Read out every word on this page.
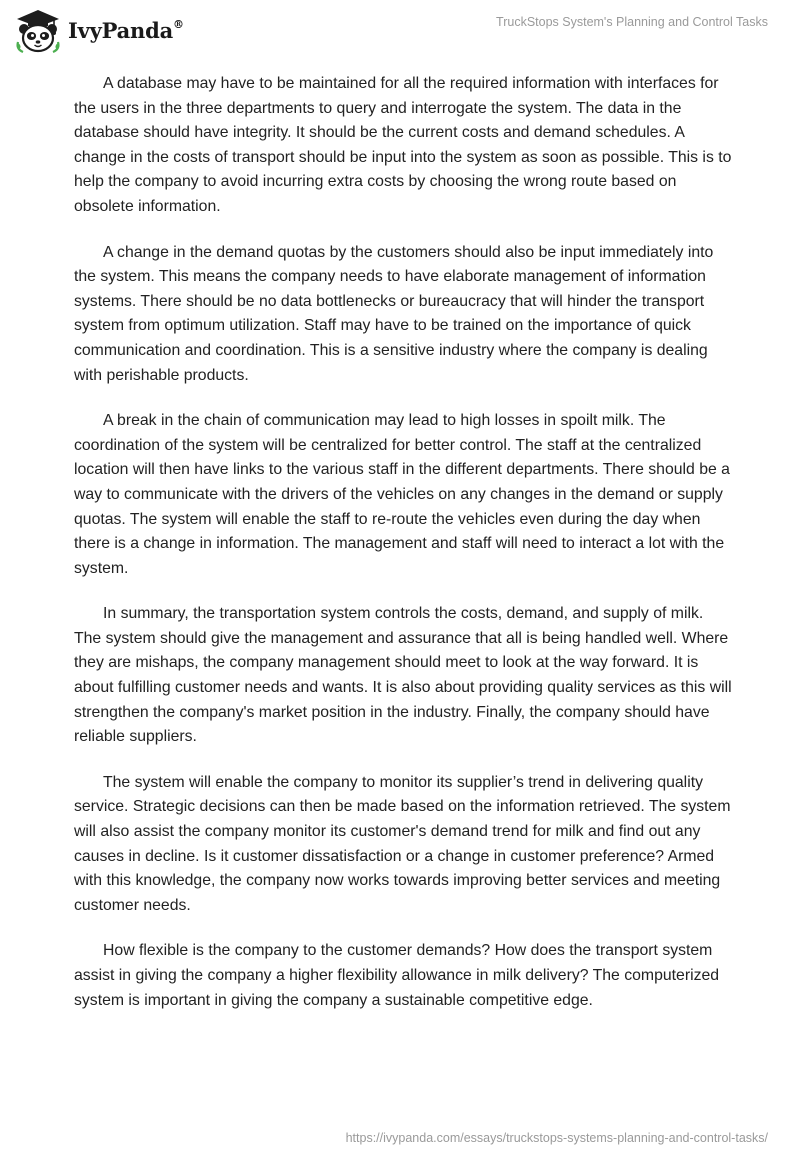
IvyPanda®	TruckStops System's Planning and Control Tasks

A database may have to be maintained for all the required information with interfaces for the users in the three departments to query and interrogate the system. The data in the database should have integrity. It should be the current costs and demand schedules. A change in the costs of transport should be input into the system as soon as possible. This is to help the company to avoid incurring extra costs by choosing the wrong route based on obsolete information.

A change in the demand quotas by the customers should also be input immediately into the system. This means the company needs to have elaborate management of information systems. There should be no data bottlenecks or bureaucracy that will hinder the transport system from optimum utilization. Staff may have to be trained on the importance of quick communication and coordination. This is a sensitive industry where the company is dealing with perishable products.

A break in the chain of communication may lead to high losses in spoilt milk. The coordination of the system will be centralized for better control. The staff at the centralized location will then have links to the various staff in the different departments. There should be a way to communicate with the drivers of the vehicles on any changes in the demand or supply quotas. The system will enable the staff to re-route the vehicles even during the day when there is a change in information. The management and staff will need to interact a lot with the system.

In summary, the transportation system controls the costs, demand, and supply of milk. The system should give the management and assurance that all is being handled well. Where they are mishaps, the company management should meet to look at the way forward. It is about fulfilling customer needs and wants. It is also about providing quality services as this will strengthen the company's market position in the industry. Finally, the company should have reliable suppliers.

The system will enable the company to monitor its supplier’s trend in delivering quality service. Strategic decisions can then be made based on the information retrieved. The system will also assist the company monitor its customer's demand trend for milk and find out any causes in decline. Is it customer dissatisfaction or a change in customer preference? Armed with this knowledge, the company now works towards improving better services and meeting customer needs.

How flexible is the company to the customer demands? How does the transport system assist in giving the company a higher flexibility allowance in milk delivery? The computerized system is important in giving the company a sustainable competitive edge.

https://ivypanda.com/essays/truckstops-systems-planning-and-control-tasks/
